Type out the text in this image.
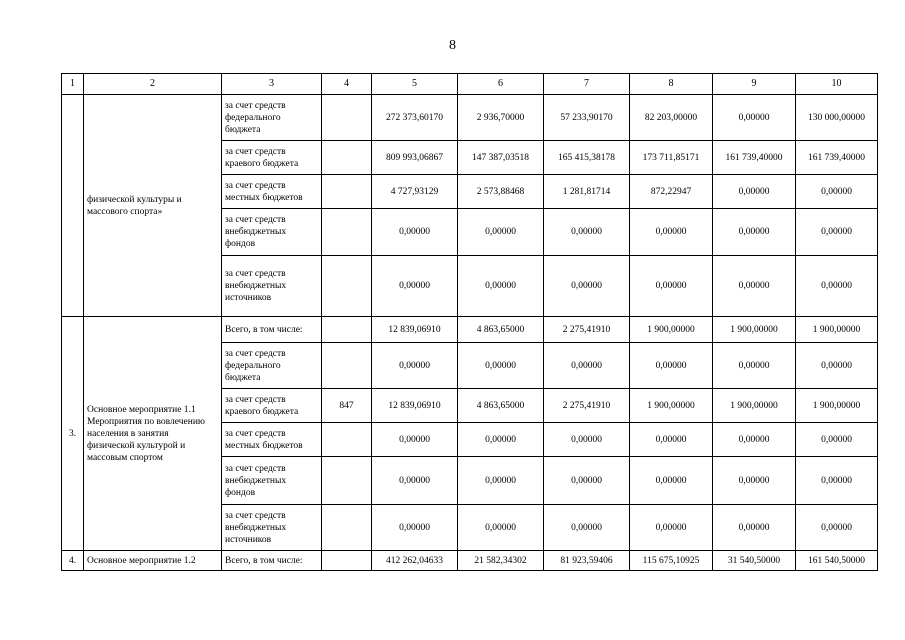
8
1	2	3	4	5	6	7	8	9	10
	физической культуры и массового спорта»	за счет средств федерального бюджета		272 373,60170	2 936,70000	57 233,90170	82 203,00000	0,00000	130 000,00000
		за счет средств краевого бюджета		809 993,06867	147 387,03518	165 415,38178	173 711,85171	161 739,40000	161 739,40000
		за счет средств местных бюджетов		4 727,93129	2 573,88468	1 281,81714	872,22947	0,00000	0,00000
		за счет средств внебюджетных фондов		0,00000	0,00000	0,00000	0,00000	0,00000	0,00000
		за счет средств внебюджетных источников		0,00000	0,00000	0,00000	0,00000	0,00000	0,00000
3.	Основное мероприятие 1.1 Мероприятия по вовлечению населения в занятия физической культурой и массовым спортом	Всего, в том числе:		12 839,06910	4 863,65000	2 275,41910	1 900,00000	1 900,00000	1 900,00000
		за счет средств федерального бюджета		0,00000	0,00000	0,00000	0,00000	0,00000	0,00000
		за счет средств краевого бюджета	847	12 839,06910	4 863,65000	2 275,41910	1 900,00000	1 900,00000	1 900,00000
		за счет средств местных бюджетов		0,00000	0,00000	0,00000	0,00000	0,00000	0,00000
		за счет средств внебюджетных фондов		0,00000	0,00000	0,00000	0,00000	0,00000	0,00000
		за счет средств внебюджетных источников		0,00000	0,00000	0,00000	0,00000	0,00000	0,00000
4.	Основное мероприятие 1.2	Всего, в том числе:		412 262,04633	21 582,34302	81 923,59406	115 675,10925	31 540,50000	161 540,50000
